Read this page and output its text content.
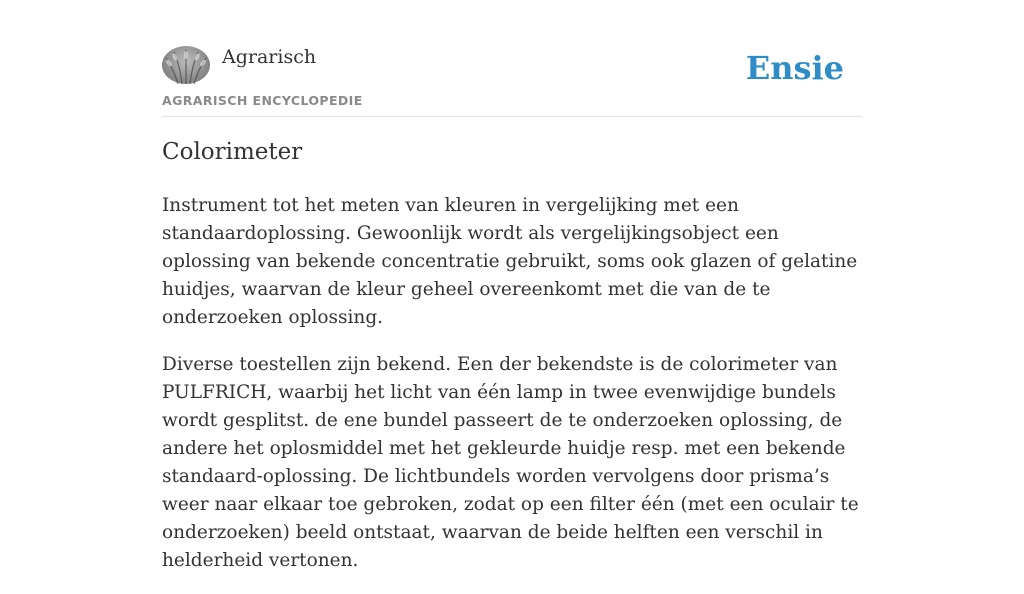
Agrarisch
AGRARISCH ENCYCLOPEDIE
Ensie
Colorimeter

Instrument tot het meten van kleuren in vergelijking met een standaardoplossing. Gewoonlijk wordt als vergelijkingsobject een oplossing van bekende concentratie gebruikt, soms ook glazen of gelatine huidjes, waarvan de kleur geheel overeenkomt met die van de te onderzoeken oplossing.

Diverse toestellen zijn bekend. Een der bekendste is de colorimeter van PULFRICH, waarbij het licht van één lamp in twee evenwijdige bundels wordt gesplitst. de ene bundel passeert de te onderzoeken oplossing, de andere het oplosmiddel met het gekleurde huidje resp. met een bekende standaard-oplossing. De lichtbundels worden vervolgens door prisma’s weer naar elkaar toe gebroken, zodat op een filter één (met een oculair te onderzoeken) beeld ontstaat, waarvan de beide helften een verschil in helderheid vertonen.
